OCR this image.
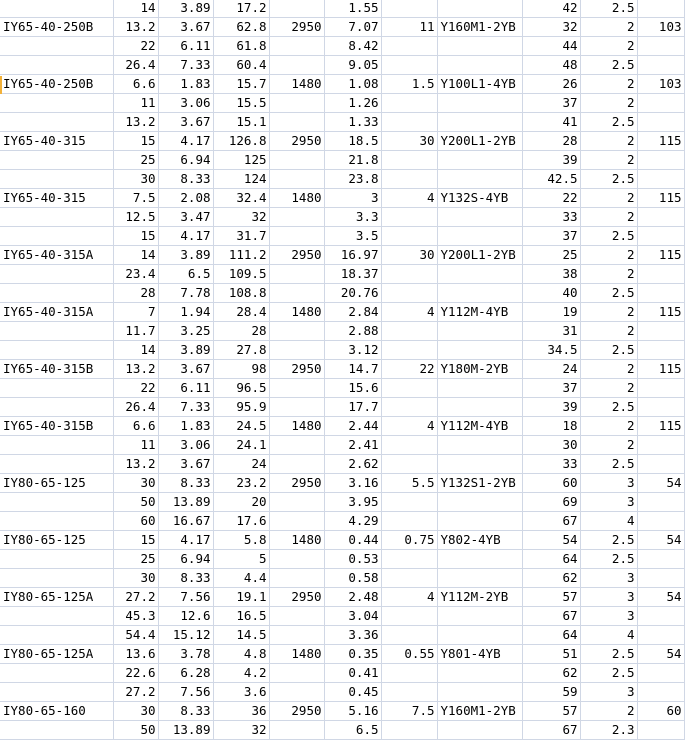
	14	3.89	17.2		1.55			42	2.5	
IY65-40-250B	13.2	3.67	62.8	2950	7.07	11	Y160M1-2YB	32	2	103
	22	6.11	61.8		8.42			44	2	
	26.4	7.33	60.4		9.05			48	2.5	
IY65-40-250B	6.6	1.83	15.7	1480	1.08	1.5	Y100L1-4YB	26	2	103
	11	3.06	15.5		1.26			37	2	
	13.2	3.67	15.1		1.33			41	2.5	
IY65-40-315	15	4.17	126.8	2950	18.5	30	Y200L1-2YB	28	2	115
	25	6.94	125		21.8			39	2	
	30	8.33	124		23.8			42.5	2.5	
IY65-40-315	7.5	2.08	32.4	1480	3	4	Y132S-4YB	22	2	115
	12.5	3.47	32		3.3			33	2	
	15	4.17	31.7		3.5			37	2.5	
IY65-40-315A	14	3.89	111.2	2950	16.97	30	Y200L1-2YB	25	2	115
	23.4	6.5	109.5		18.37			38	2	
	28	7.78	108.8		20.76			40	2.5	
IY65-40-315A	7	1.94	28.4	1480	2.84	4	Y112M-4YB	19	2	115
	11.7	3.25	28		2.88			31	2	
	14	3.89	27.8		3.12			34.5	2.5	
IY65-40-315B	13.2	3.67	98	2950	14.7	22	Y180M-2YB	24	2	115
	22	6.11	96.5		15.6			37	2	
	26.4	7.33	95.9		17.7			39	2.5	
IY65-40-315B	6.6	1.83	24.5	1480	2.44	4	Y112M-4YB	18	2	115
	11	3.06	24.1		2.41			30	2	
	13.2	3.67	24		2.62			33	2.5	
IY80-65-125	30	8.33	23.2	2950	3.16	5.5	Y132S1-2YB	60	3	54
	50	13.89	20		3.95			69	3	
	60	16.67	17.6		4.29			67	4	
IY80-65-125	15	4.17	5.8	1480	0.44	0.75	Y802-4YB	54	2.5	54
	25	6.94	5		0.53			64	2.5	
	30	8.33	4.4		0.58			62	3	
IY80-65-125A	27.2	7.56	19.1	2950	2.48	4	Y112M-2YB	57	3	54
	45.3	12.6	16.5		3.04			67	3	
	54.4	15.12	14.5		3.36			64	4	
IY80-65-125A	13.6	3.78	4.8	1480	0.35	0.55	Y801-4YB	51	2.5	54
	22.6	6.28	4.2		0.41			62	2.5	
	27.2	7.56	3.6		0.45			59	3	
IY80-65-160	30	8.33	36	2950	5.16	7.5	Y160M1-2YB	57	2	60
	50	13.89	32		6.5			67	2.3	
